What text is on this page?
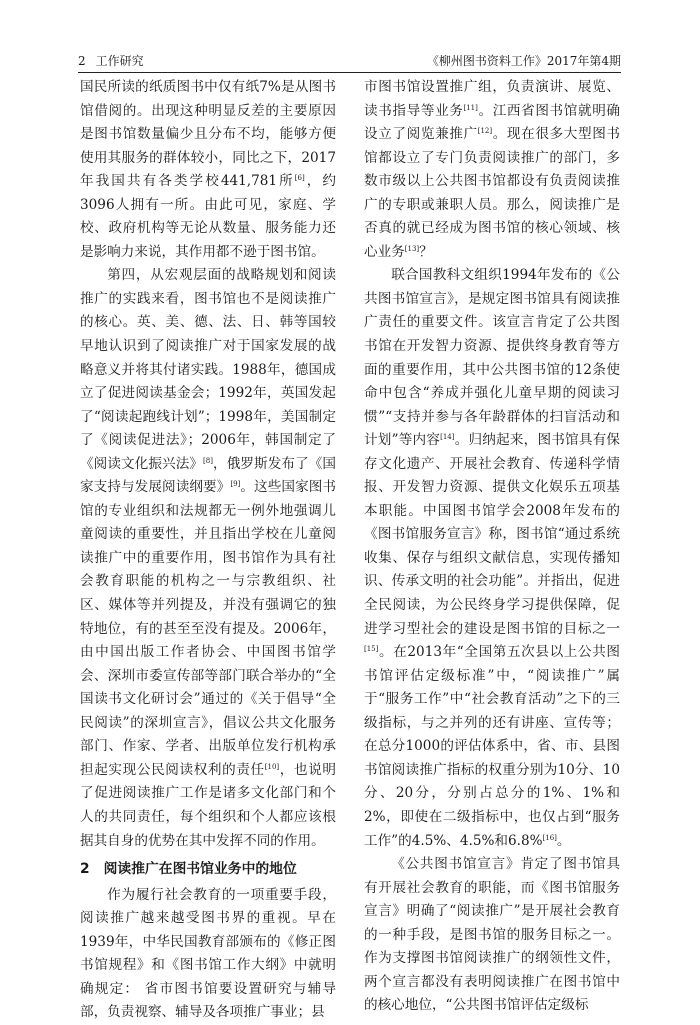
2 工作研究	《柳州图书资料工作》2017年第4期

国民所读的纸质图书中仅有纸7%是从图书馆借阅的。出现这种明显反差的主要原因是图书馆数量偏少且分布不均，能够方便使用其服务的群体较小，同比之下，2017年我国共有各类学校441,781所[6]，约3096人拥有一所。由此可见，家庭、学校、政府机构等无论从数量、服务能力还是影响力来说，其作用都不逊于图书馆。

第四，从宏观层面的战略规划和阅读推广的实践来看，图书馆也不是阅读推广的核心。英、美、德、法、日、韩等国较早地认识到了阅读推广对于国家发展的战略意义并将其付诸实践。1988年，德国成立了促进阅读基金会；1992年，英国发起了“阅读起跑线计划”；1998年，美国制定了《阅读促进法》；2006年，韩国制定了《阅读文化振兴法》[8]，俄罗斯发布了《国家支持与发展阅读纲要》[9]。这些国家图书馆的专业组织和法规都无一例外地强调儿童阅读的重要性，并且指出学校在儿童阅读推广中的重要作用，图书馆作为具有社会教育职能的机构之一与宗教组织、社区、媒体等并列提及，并没有强调它的独特地位，有的甚至至没有提及。2006年，由中国出版工作者协会、中国图书馆学会、深圳市委宣传部等部门联合举办的“全国读书文化研讨会”通过的《关于倡导“全民阅读”的深圳宣言》，倡议公共文化服务部门、作家、学者、出版单位发行机构承担起实现公民阅读权利的责任[10]，也说明了促进阅读推广工作是诸多文化部门和个人的共同责任，每个组织和个人都应该根据其自身的优势在其中发挥不同的作用。

2 阅读推广在图书馆业务中的地位

作为履行社会教育的一项重要手段，阅读推广越来越受图书界的重视。早在1939年，中华民国教育部颁布的《修正图书馆规程》和《图书馆工作大纲》中就明确规定： 省市图书馆要设置研究与辅导部，负责视察、辅导及各项推广事业；县

市图书馆设置推广组，负责演讲、展览、读书指导等业务[11]。江西省图书馆就明确设立了阅览兼推广[12]。现在很多大型图书馆都设立了专门负责阅读推广的部门，多数市级以上公共图书馆都设有负责阅读推广的专职或兼职人员。那么，阅读推广是否真的就已经成为图书馆的核心领域、核心业务[13]？

联合国教科文组织1994年发布的《公共图书馆宣言》，是规定图书馆具有阅读推广责任的重要文件。该宣言肯定了公共图书馆在开发智力资源、提供终身教育等方面的重要作用，其中公共图书馆的12条使命中包含“养成并强化儿童早期的阅读习惯”“支持并参与各年龄群体的扫盲活动和计划”等内容[14]。归纳起来，图书馆具有保存文化遗产、开展社会教育、传递科学情报、开发智力资源、提供文化娱乐五项基本职能。中国图书馆学会2008年发布的《图书馆服务宣言》称，图书馆“通过系统收集、保存与组织文献信息，实现传播知识、传承文明的社会功能”。并指出，促进全民阅读，为公民终身学习提供保障，促进学习型社会的建设是图书馆的目标之一[15]。在2013年“全国第五次县以上公共图书馆评估定级标准”中，“阅读推广”属于“服务工作”中“社会教育活动”之下的三级指标，与之并列的还有讲座、宣传等；在总分1000的评估体系中，省、市、县图书馆阅读推广指标的权重分别为10分、10分、20分，分别占总分的1%、1%和2%，即使在二级指标中，也仅占到“服务工作”的4.5%、4.5%和6.8%[16]。

《公共图书馆宣言》肯定了图书馆具有开展社会教育的职能，而《图书馆服务宣言》明确了“阅读推广”是开展社会教育的一种手段，是图书馆的服务目标之一。作为支撑图书馆阅读推广的纲领性文件，两个宣言都没有表明阅读推广在图书馆中的核心地位，“公共图书馆评估定级标
